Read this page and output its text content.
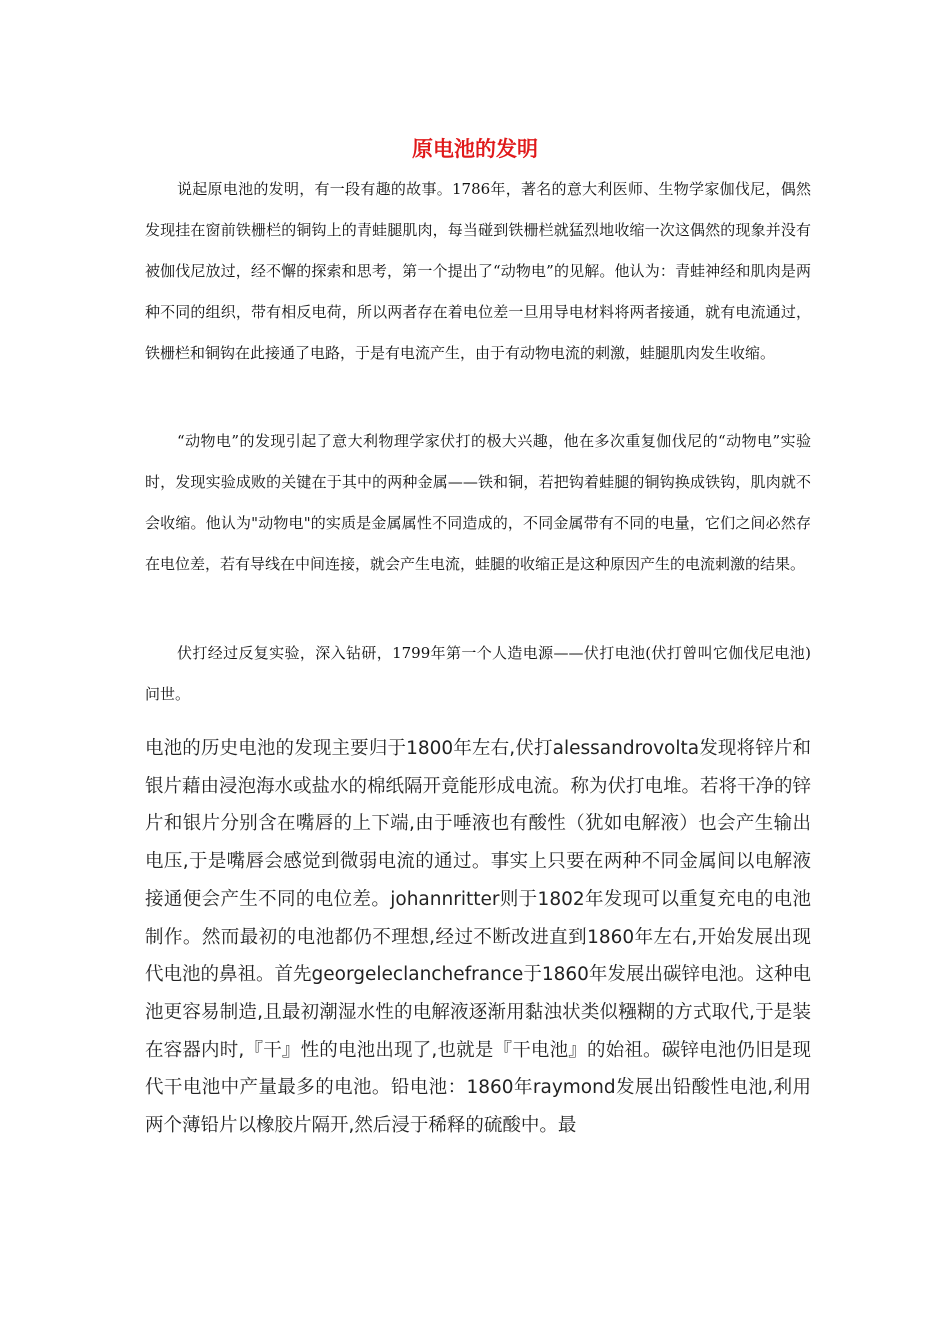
原电池的发明

说起原电池的发明，有一段有趣的故事。1786年，著名的意大利医师、生物学家伽伐尼，偶然发现挂在窗前铁栅栏的铜钩上的青蛙腿肌肉，每当碰到铁栅栏就猛烈地收缩一次这偶然的现象并没有被伽伐尼放过，经不懈的探索和思考，第一个提出了“动物电”的见解。他认为：青蛙神经和肌肉是两种不同的组织，带有相反电荷，所以两者存在着电位差一旦用导电材料将两者接通，就有电流通过，铁栅栏和铜钩在此接通了电路，于是有电流产生，由于有动物电流的刺激，蛙腿肌肉发生收缩。

“动物电”的发现引起了意大利物理学家伏打的极大兴趣，他在多次重复伽伐尼的“动物电”实验时，发现实验成败的关键在于其中的两种金属——铁和铜，若把钩着蛙腿的铜钩换成铁钩，肌肉就不会收缩。他认为"动物电"的实质是金属属性不同造成的，不同金属带有不同的电量，它们之间必然存在电位差，若有导线在中间连接，就会产生电流，蛙腿的收缩正是这种原因产生的电流刺激的结果。

伏打经过反复实验，深入钻研，1799年第一个人造电源——伏打电池(伏打曾叫它伽伐尼电池)问世。

电池的历史电池的发现主要归于1800年左右,伏打alessandrovolta发现将锌片和银片藉由浸泡海水或盐水的棉纸隔开竟能形成电流。称为伏打电堆。若将干净的锌片和银片分别含在嘴唇的上下端,由于唾液也有酸性（犹如电解液）也会产生输出电压,于是嘴唇会感觉到微弱电流的通过。事实上只要在两种不同金属间以电解液接通便会产生不同的电位差。johannritter则于1802年发现可以重复充电的电池制作。然而最初的电池都仍不理想,经过不断改进直到1860年左右,开始发展出现代电池的鼻祖。首先georgeleclanchefrance于1860年发展出碳锌电池。这种电池更容易制造,且最初潮湿水性的电解液逐渐用黏浊状类似糨糊的方式取代,于是装在容器内时,『干』性的电池出现了,也就是『干电池』的始祖。碳锌电池仍旧是现代干电池中产量最多的电池。铅电池：1860年raymond发展出铅酸性电池,利用两个薄铅片以橡胶片隔开,然后浸于稀释的硫酸中。最
